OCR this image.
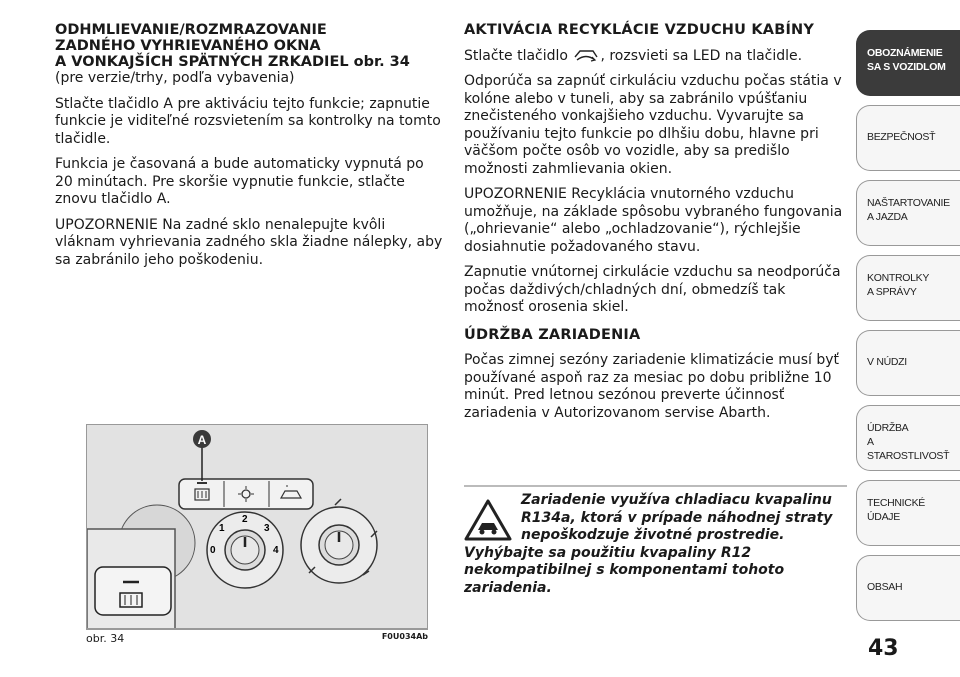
ODHMLIEVANIE/ROZMRAZOVANIE
ZADNÉHO VYHRIEVANÉHO OKNA
A VONKAJŠÍCH SPÄTNÝCH ZRKADIEL obr. 34

(pre verzie/trhy, podľa vybavenia)

Stlačte tlačidlo A pre aktiváciu tejto funkcie; zapnutie funkcie je viditeľné rozsvietením sa kontrolky na tomto tlačidle.

Funkcia je časovaná a bude automaticky vypnutá po 20 minútach. Pre skoršie vypnutie funkcie, stlačte znovu tlačidlo A.

UPOZORNENIE Na zadné sklo nenalepujte kvôli vláknam vyhrievania zadného skla žiadne nálepky, aby sa zabránilo jeho poškodeniu.

A
0
1
2
3
4
obr. 34	F0U034Ab
AKTIVÁCIA RECYKLÁCIE VZDUCHU KABÍNY

Stlačte tlačidlo , rozsvieti sa LED na tlačidle.

Odporúča sa zapnúť cirkuláciu vzduchu počas státia v kolóne alebo v tuneli, aby sa zabránilo vpúšťaniu znečisteného vonkajšieho vzduchu. Vyvarujte sa používaniu tejto funkcie po dlhšiu dobu, hlavne pri väčšom počte osôb vo vozidle, aby sa predišlo možnosti zahmlievania okien.

UPOZORNENIE Recyklácia vnutorného vzduchu umožňuje, na základe spôsobu vybraného fungovania („ohrievanie“ alebo „ochladzovanie“), rýchlejšie dosiahnutie požadovaného stavu.

Zapnutie vnútornej cirkulácie vzduchu sa neodporúča počas daždivých/chladných dní, obmedzíš tak možnosť orosenia skiel.

ÚDRŽBA ZARIADENIA

Počas zimnej sezóny zariadenie klimatizácie musí byť používané aspoň raz za mesiac po dobu približne 10 minút. Pred letnou sezónou preverte účinnosť zariadenia v Autorizovanom servise Abarth.

Zariadenie využíva chladiacu kvapalinu R134a, ktorá v prípade náhodnej straty nepoškodzuje životné prostredie.
Vyhýbajte sa použitiu kvapaliny R12 nekompatibilnej s komponentami tohoto zariadenia.
OBOZNÁMENIE
SA S VOZIDLOM
BEZPEČNOSŤ
NAŠTARTOVANIE
A JAZDA
KONTROLKY
A SPRÁVY
V NÚDZI
ÚDRŽBA
A STAROSTLIVOSŤ
TECHNICKÉ
ÚDAJE
OBSAH
43
